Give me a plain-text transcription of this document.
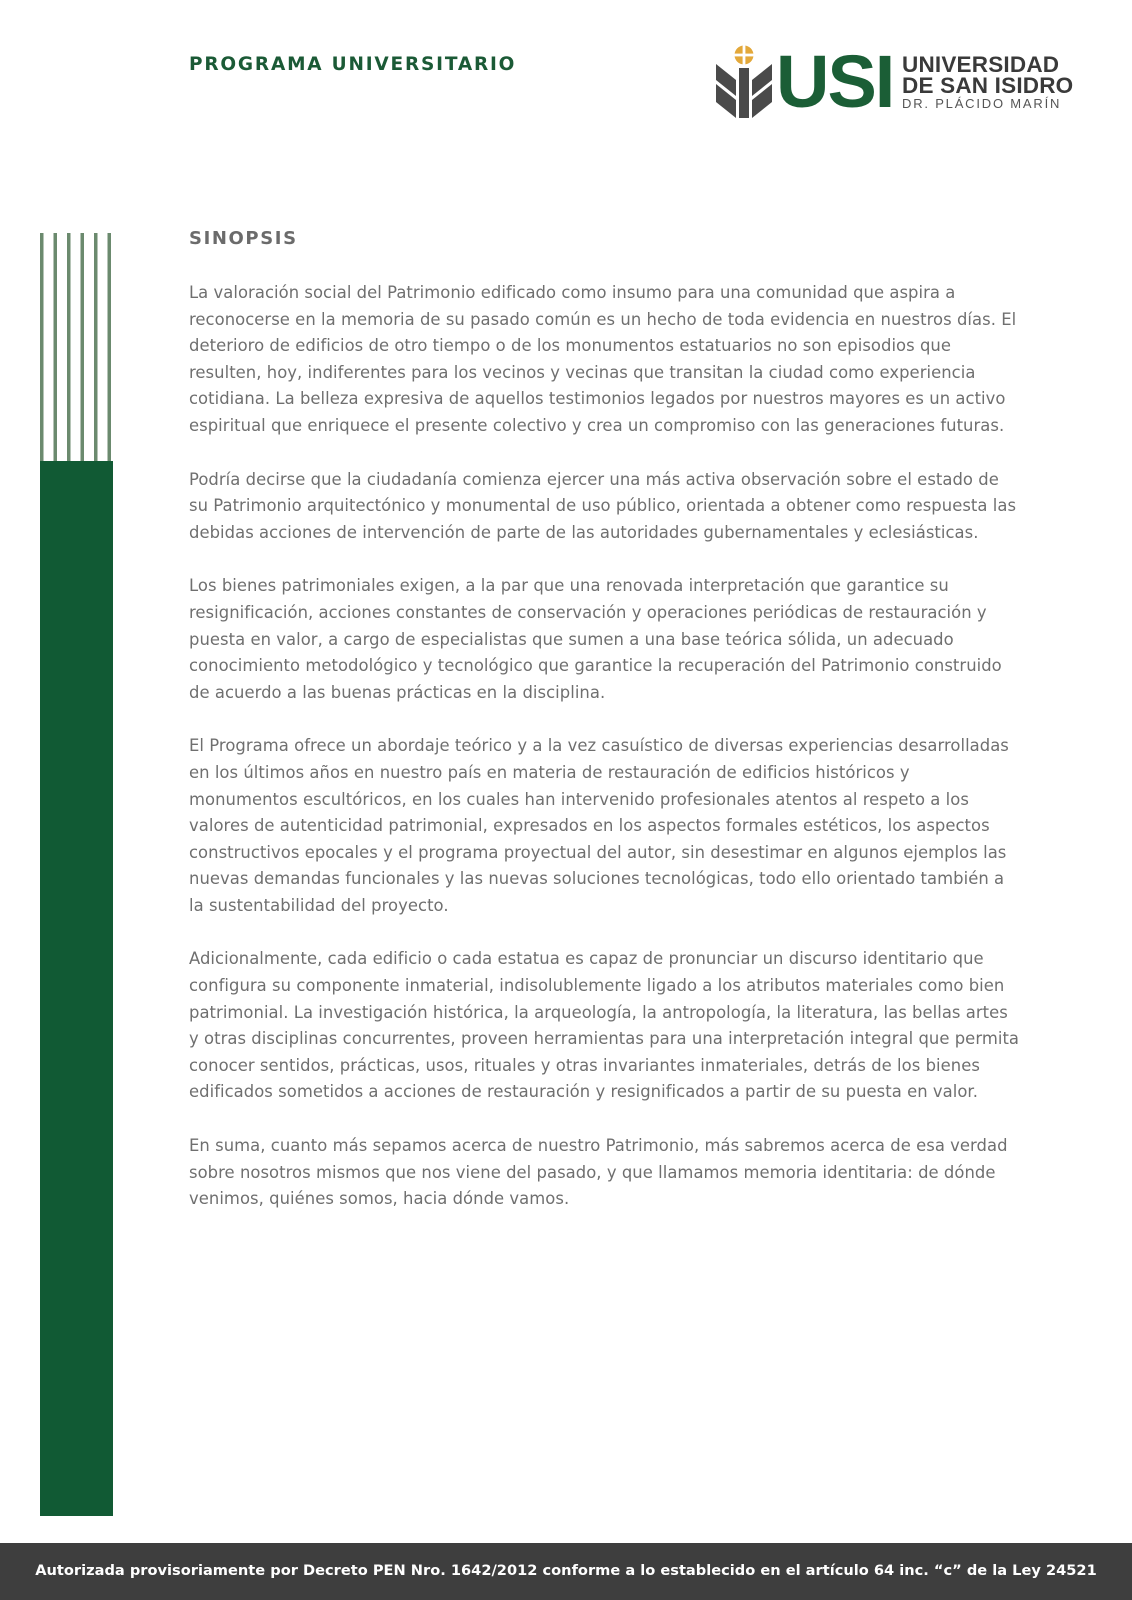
PROGRAMA UNIVERSITARIO	USI UNIVERSIDAD
DE SAN ISIDRO
DR. PLÁCIDO MARÍN
SINOPSIS

La valoración social del Patrimonio edificado como insumo para una comunidad que aspira a reconocerse en la memoria de su pasado común es un hecho de toda evidencia en nuestros días. El deterioro de edificios de otro tiempo o de los monumentos estatuarios no son episodios que resulten, hoy, indiferentes para los vecinos y vecinas que transitan la ciudad como experiencia cotidiana. La belleza expresiva de aquellos testimonios legados por nuestros mayores es un activo espiritual que enriquece el presente colectivo y crea un compromiso con las generaciones futuras.

Podría decirse que la ciudadanía comienza ejercer una más activa observación sobre el estado de su Patrimonio arquitectónico y monumental de uso público, orientada a obtener como respuesta las debidas acciones de intervención de parte de las autoridades gubernamentales y eclesiásticas.

Los bienes patrimoniales exigen, a la par que una renovada interpretación que garantice su resignificación, acciones constantes de conservación y operaciones periódicas de restauración y puesta en valor, a cargo de especialistas que sumen a una base teórica sólida, un adecuado conocimiento metodológico y tecnológico que garantice la recuperación del Patrimonio construido de acuerdo a las buenas prácticas en la disciplina.

El Programa ofrece un abordaje teórico y a la vez casuístico de diversas experiencias desarrolladas en los últimos años en nuestro país en materia de restauración de edificios históricos y monumentos escultóricos, en los cuales han intervenido profesionales atentos al respeto a los valores de autenticidad patrimonial, expresados en los aspectos formales estéticos, los aspectos constructivos epocales y el programa proyectual del autor, sin desestimar en algunos ejemplos las nuevas demandas funcionales y las nuevas soluciones tecnológicas, todo ello orientado también a la sustentabilidad del proyecto.

Adicionalmente, cada edificio o cada estatua es capaz de pronunciar un discurso identitario que configura su componente inmaterial, indisolublemente ligado a los atributos materiales como bien patrimonial. La investigación histórica, la arqueología, la antropología, la literatura, las bellas artes y otras disciplinas concurrentes, proveen herramientas para una interpretación integral que permita conocer sentidos, prácticas, usos, rituales y otras invariantes inmateriales, detrás de los bienes edificados sometidos a acciones de restauración y resignificados a partir de su puesta en valor.

En suma, cuanto más sepamos acerca de nuestro Patrimonio, más sabremos acerca de esa verdad sobre nosotros mismos que nos viene del pasado, y que llamamos memoria identitaria: de dónde venimos, quiénes somos, hacia dónde vamos.

Autorizada provisoriamente por Decreto PEN Nro. 1642/2012 conforme a lo establecido en el artículo 64 inc. “c” de la Ley 24521
